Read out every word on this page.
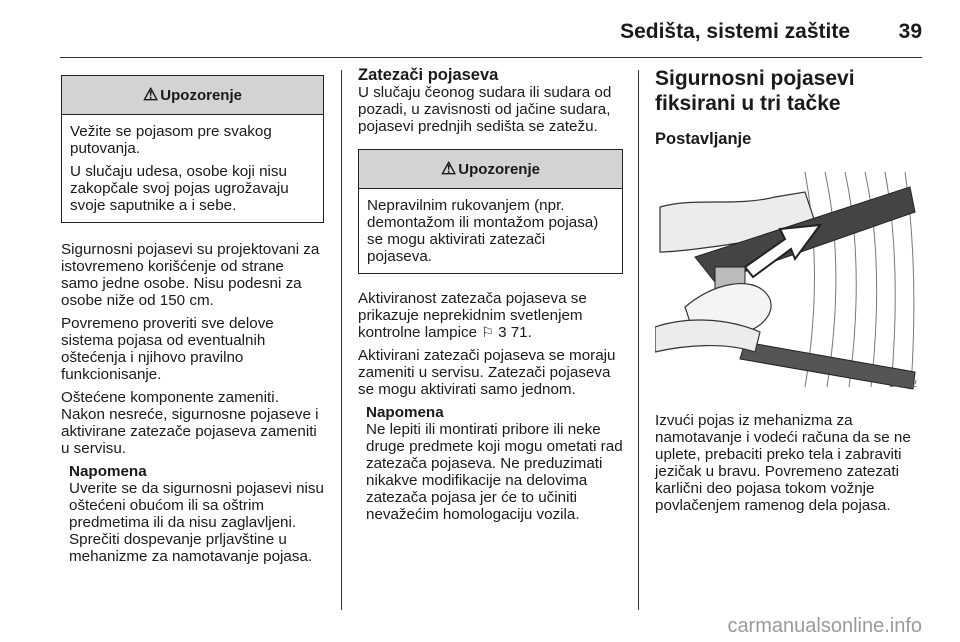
Sedišta, sistemi zaštite 39
⚠ Upozorenje

Vežite se pojasom pre svakog putovanja.

U slučaju udesa, osobe koji nisu zakopčale svoj pojas ugrožavaju svoje saputnike a i sebe.

Sigurnosni pojasevi su projektovani za istovremeno korišćenje od strane samo jedne osobe. Nisu podesni za osobe niže od 150 cm.

Povremeno proveriti sve delove sistema pojasa od eventualnih oštećenja i njihovo pravilno funkcionisanje.

Oštećene komponente zameniti. Nakon nesreće, sigurnosne pojaseve i aktivirane zatezače pojaseva zameniti u servisu.

Napomena

Uverite se da sigurnosni pojasevi nisu oštećeni obućom ili sa oštrim predmetima ili da nisu zaglavljeni. Sprečiti dospevanje prljavštine u mehanizme za namotavanje pojasa.

Zatezači pojaseva

U slučaju čeonog sudara ili sudara od pozadi, u zavisnosti od jačine sudara, pojasevi prednjih sedišta se zatežu.

⚠ Upozorenje

Nepravilnim rukovanjem (npr. demontažom ili montažom pojasa) se mogu aktivirati zatezači pojaseva.

Aktiviranost zatezača pojaseva se prikazuje neprekidnim svetlenjem kontrolne lampice ⚐ 3 71.

Aktivirani zatezači pojaseva se moraju zameniti u servisu. Zatezači pojaseva se mogu aktivirati samo jednom.

Napomena

Ne lepiti ili montirati pribore ili neke druge predmete koji mogu ometati rad zatezača pojaseva. Ne preduzimati nikakve modifikacije na delovima zatezača pojasa jer će to učiniti nevažećim homologaciju vozila.

Sigurnosni pojasevi fiksirani u tri tačke
Postavljanje
30052

Izvući pojas iz mehanizma za namotavanje i vodeći računa da se ne uplete, prebaciti preko tela i zabraviti jezičak u bravu. Povremeno zatezati karlični deo pojasa tokom vožnje povlačenjem ramenog dela pojasa.

carmanualsonline.info
